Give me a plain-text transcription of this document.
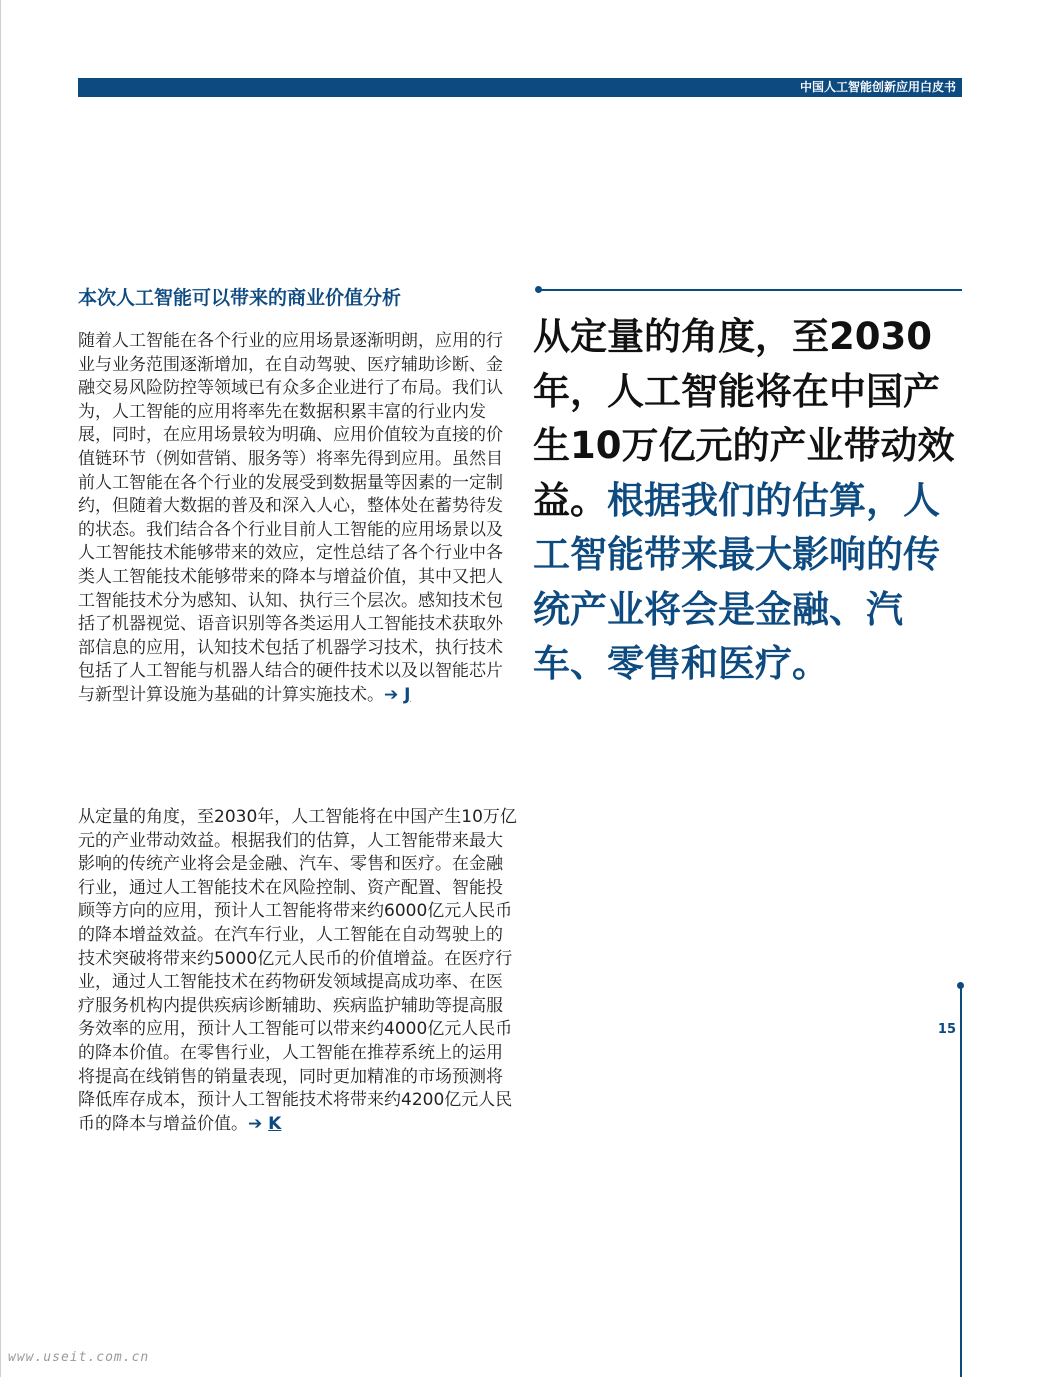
中国人工智能创新应用白皮书
本次人工智能可以带来的商业价值分析

随着人工智能在各个行业的应用场景逐渐明朗，应用的行业与业务范围逐渐增加，在自动驾驶、医疗辅助诊断、金融交易风险防控等领域已有众多企业进行了布局。我们认为，人工智能的应用将率先在数据积累丰富的行业内发展，同时，在应用场景较为明确、应用价值较为直接的价值链环节（例如营销、服务等）将率先得到应用。虽然目前人工智能在各个行业的发展受到数据量等因素的一定制约，但随着大数据的普及和深入人心，整体处在蓄势待发的状态。我们结合各个行业目前人工智能的应用场景以及人工智能技术能够带来的效应，定性总结了各个行业中各类人工智能技术能够带来的降本与增益价值，其中又把人工智能技术分为感知、认知、执行三个层次。感知技术包括了机器视觉、语音识别等各类运用人工智能技术获取外部信息的应用，认知技术包括了机器学习技术，执行技术包括了人工智能与机器人结合的硬件技术以及以智能芯片与新型计算设施为基础的计算实施技术。➔ J

从定量的角度，至2030年，人工智能将在中国产生10万亿元的产业带动效益。根据我们的估算，人工智能带来最大影响的传统产业将会是金融、汽车、零售和医疗。在金融行业，通过人工智能技术在风险控制、资产配置、智能投顾等方向的应用，预计人工智能将带来约6000亿元人民币的降本增益效益。在汽车行业，人工智能在自动驾驶上的技术突破将带来约5000亿元人民币的价值增益。在医疗行业，通过人工智能技术在药物研发领域提高成功率、在医疗服务机构内提供疾病诊断辅助、疾病监护辅助等提高服务效率的应用，预计人工智能可以带来约4000亿元人民币的降本价值。在零售行业，人工智能在推荐系统上的运用将提高在线销售的销量表现，同时更加精准的市场预测将降低库存成本，预计人工智能技术将带来约4200亿元人民币的降本与增益价值。➔ K

从定量的角度，至2030年，人工智能将在中国产生10万亿元的产业带动效益。根据我们的估算，人工智能带来最大影响的传统产业将会是金融、汽车、零售和医疗。

15
www.useit.com.cn
